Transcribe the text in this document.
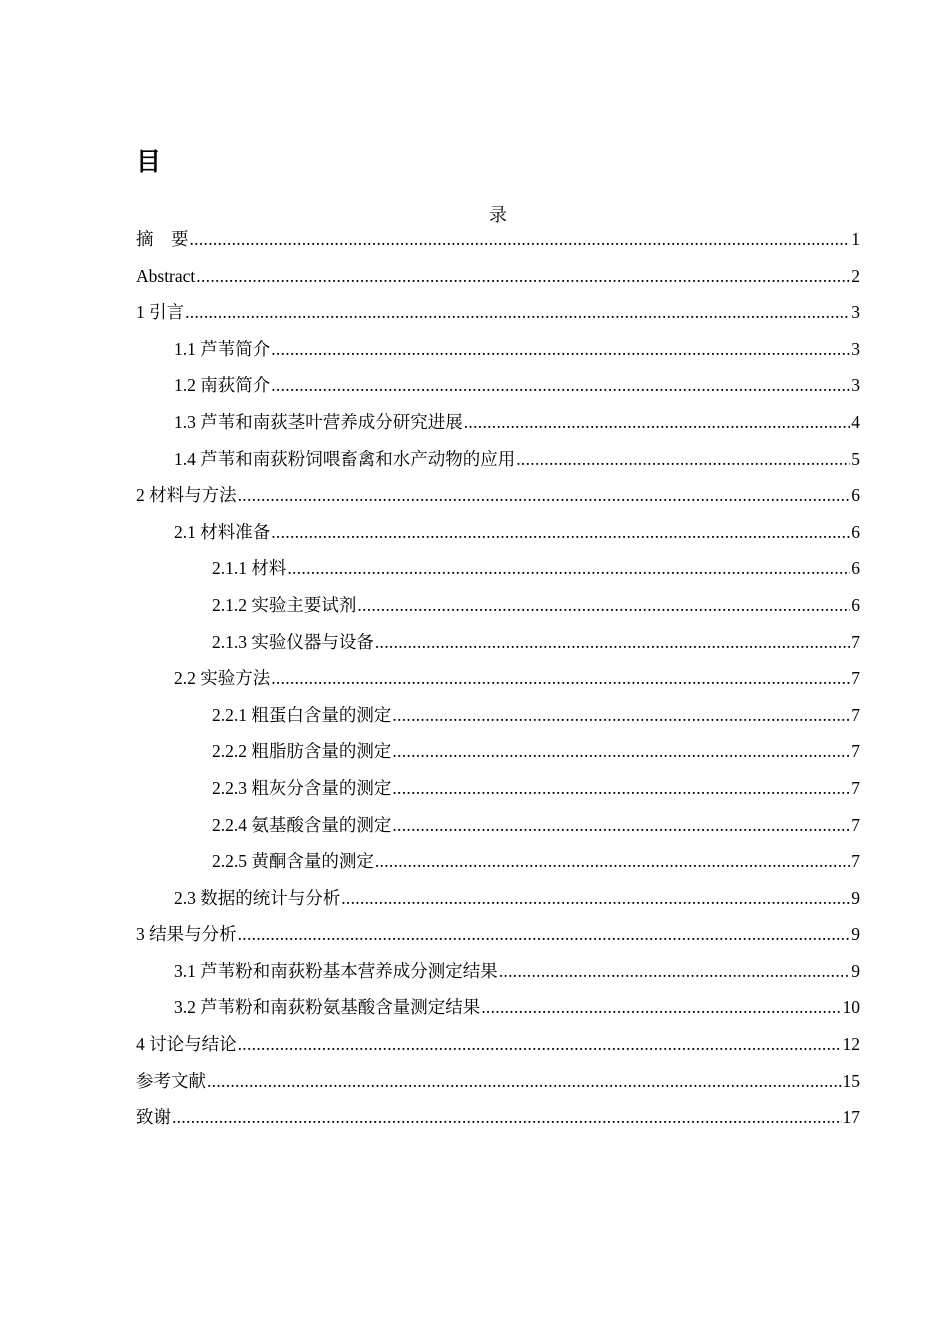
目
录
摘　要 .....	1
Abstract .....	2
1 引言 .....	3
1.1 芦苇简介 .....	3
1.2 南荻简介 .....	3
1.3 芦苇和南荻茎叶营养成分研究进展 .....	4
1.4 芦苇和南荻粉饲喂畜禽和水产动物的应用 .....	5
2 材料与方法 .....	6
2.1 材料准备 .....	6
2.1.1 材料 .....	6
2.1.2 实验主要试剂 .....	6
2.1.3 实验仪器与设备 .....	7
2.2 实验方法 .....	7
2.2.1 粗蛋白含量的测定 .....	7
2.2.2 粗脂肪含量的测定 .....	7
2.2.3 粗灰分含量的测定 .....	7
2.2.4 氨基酸含量的测定 .....	7
2.2.5 黄酮含量的测定 .....	7
2.3 数据的统计与分析 .....	9
3 结果与分析 .....	9
3.1 芦苇粉和南荻粉基本营养成分测定结果 .....	9
3.2 芦苇粉和南荻粉氨基酸含量测定结果 .....	10
4 讨论与结论 .....	12
参考文献 .....	15
致谢 .....	17
